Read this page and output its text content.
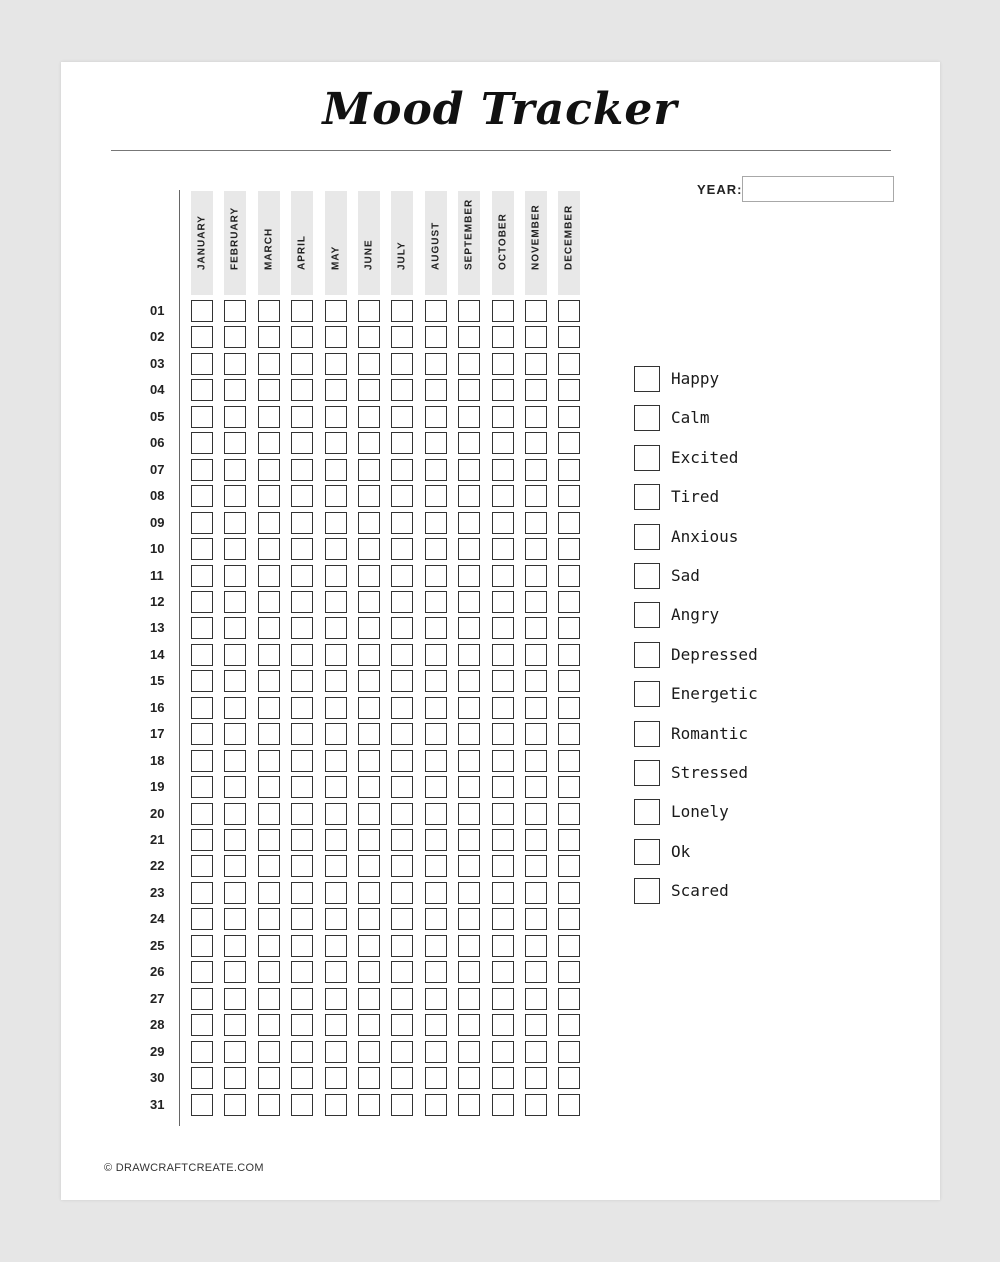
Mood Tracker
YEAR:
JANUARY FEBRUARY MARCH APRIL MAY JUNE JULY AUGUST SEPTEMBER OCTOBER NOVEMBER DECEMBER
01
02
03
04
05
06
07
08
09
10
11
12
13
14
15
16
17
18
19
20
21
22
23
24
25
26
27
28
29
30
31
Happy
Calm
Excited
Tired
Anxious
Sad
Angry
Depressed
Energetic
Romantic
Stressed
Lonely
Ok
Scared
© DRAWCRAFTCREATE.COM
